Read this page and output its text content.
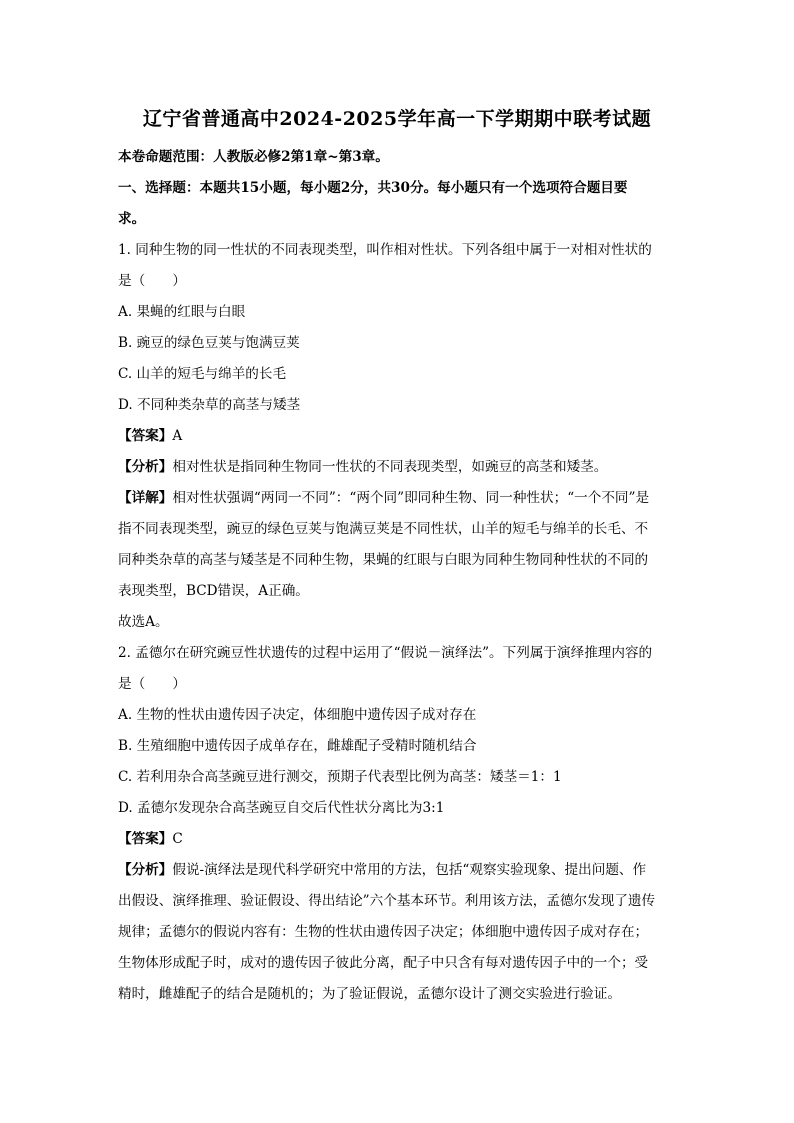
辽宁省普通高中2024-2025学年高一下学期期中联考试题
本卷命题范围：人教版必修2第1章~第3章。
一、选择题：本题共15小题，每小题2分，共30分。每小题只有一个选项符合题目要
求。
1. 同种生物的同一性状的不同表现类型，叫作相对性状。下列各组中属于一对相对性状的
是（　　）
A. 果蝇的红眼与白眼
B. 豌豆的绿色豆荚与饱满豆荚
C. 山羊的短毛与绵羊的长毛
D. 不同种类杂草的高茎与矮茎
【答案】A
【分析】相对性状是指同种生物同一性状的不同表现类型，如豌豆的高茎和矮茎。
【详解】相对性状强调“两同一不同”：“两个同”即同种生物、同一种性状；“一个不同”是
指不同表现类型，豌豆的绿色豆荚与饱满豆荚是不同性状，山羊的短毛与绵羊的长毛、不
同种类杂草的高茎与矮茎是不同种生物，果蝇的红眼与白眼为同种生物同种性状的不同的
表现类型，BCD错误，A正确。
故选A。
2. 孟德尔在研究豌豆性状遗传的过程中运用了“假说－演绎法”。下列属于演绎推理内容的
是（　　）
A. 生物的性状由遗传因子决定，体细胞中遗传因子成对存在
B. 生殖细胞中遗传因子成单存在，雌雄配子受精时随机结合
C. 若利用杂合高茎豌豆进行测交，预期子代表型比例为高茎：矮茎＝1：1
D. 孟德尔发现杂合高茎豌豆自交后代性状分离比为3:1
【答案】C
【分析】假说-演绎法是现代科学研究中常用的方法，包括“观察实验现象、提出问题、作
出假设、演绎推理、验证假设、得出结论”六个基本环节。利用该方法，孟德尔发现了遗传
规律；孟德尔的假说内容有：生物的性状由遗传因子决定；体细胞中遗传因子成对存在；
生物体形成配子时，成对的遗传因子彼此分离，配子中只含有每对遗传因子中的一个；受
精时，雌雄配子的结合是随机的；为了验证假说，孟德尔设计了测交实验进行验证。
